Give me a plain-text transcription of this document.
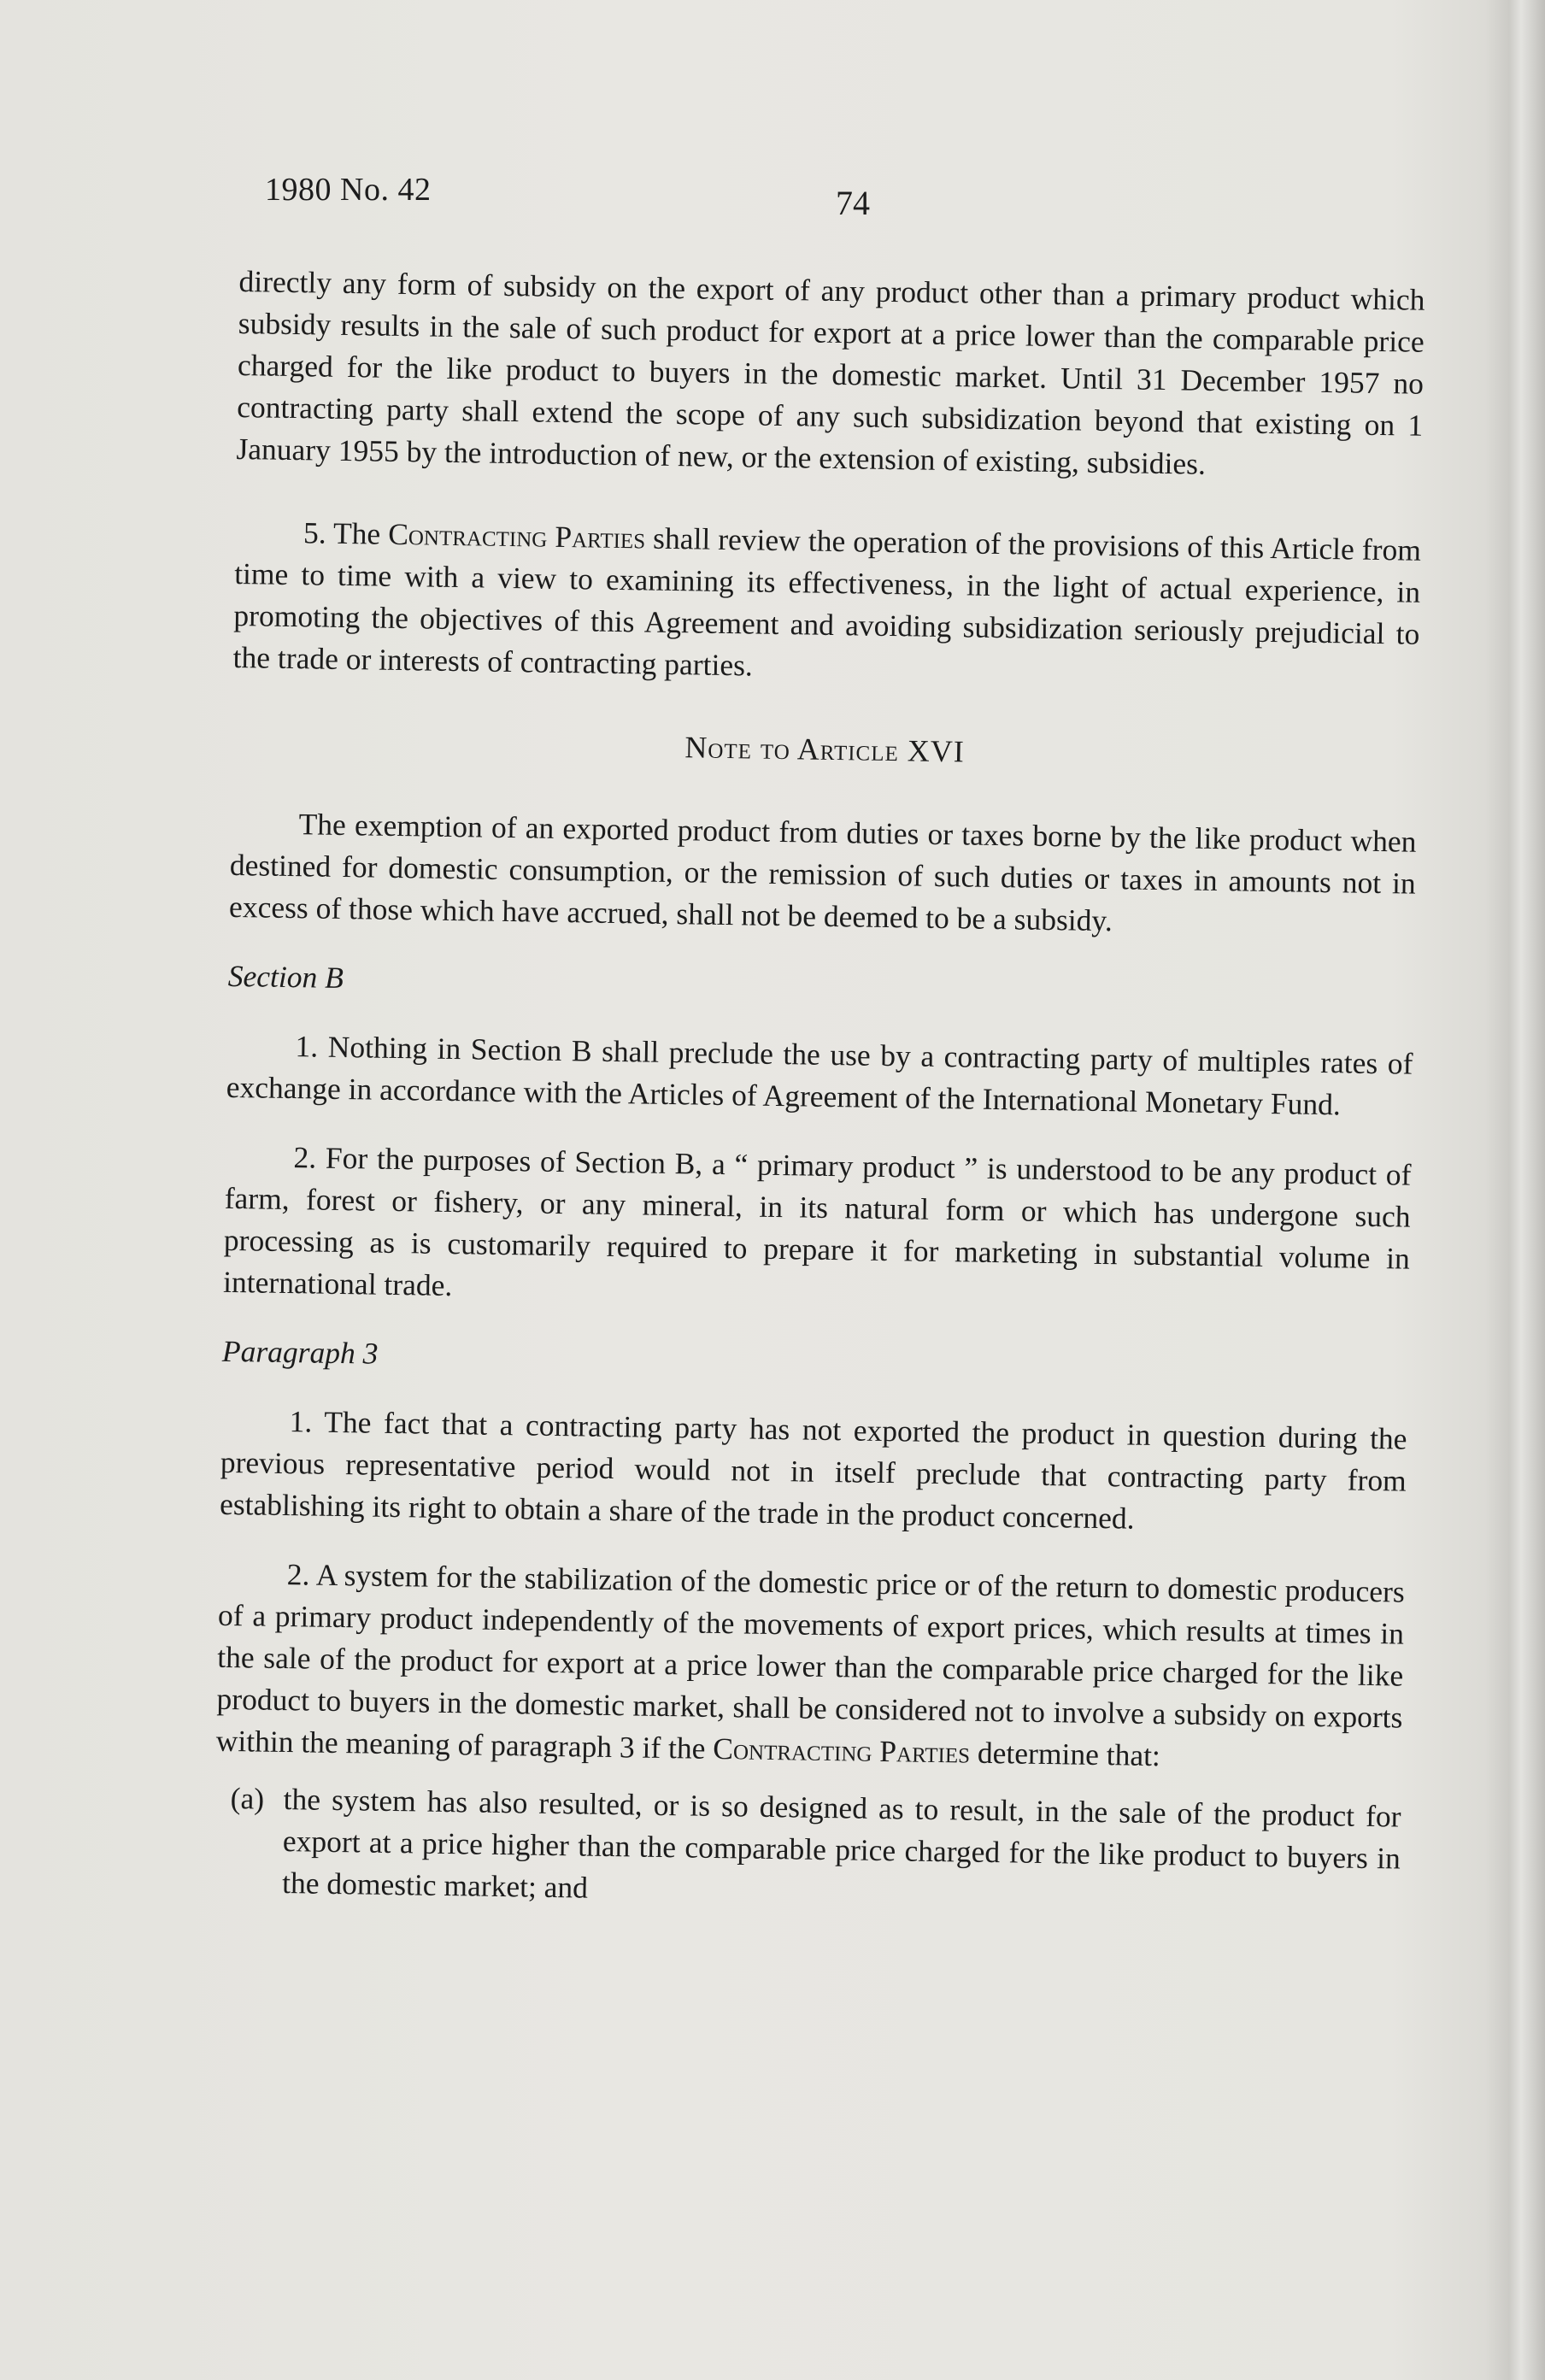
1980 No. 42	74

directly any form of subsidy on the export of any product other than a primary product which subsidy results in the sale of such product for export at a price lower than the comparable price charged for the like product to buyers in the domestic market. Until 31 December 1957 no contracting party shall extend the scope of any such subsidization beyond that existing on 1 January 1955 by the introduction of new, or the extension of existing, subsidies.

5. The Contracting Parties shall review the operation of the provisions of this Article from time to time with a view to examining its effectiveness, in the light of actual experience, in promoting the objectives of this Agreement and avoiding subsidization seriously prejudicial to the trade or interests of contracting parties.

Note to Article XVI

The exemption of an exported product from duties or taxes borne by the like product when destined for domestic consumption, or the remission of such duties or taxes in amounts not in excess of those which have accrued, shall not be deemed to be a subsidy.

Section B

1. Nothing in Section B shall preclude the use by a contracting party of multiples rates of exchange in accordance with the Articles of Agreement of the International Monetary Fund.

2. For the purposes of Section B, a “ primary product ” is understood to be any product of farm, forest or fishery, or any mineral, in its natural form or which has undergone such processing as is customarily required to prepare it for marketing in substantial volume in international trade.

Paragraph 3

1. The fact that a contracting party has not exported the product in question during the previous representative period would not in itself preclude that contracting party from establishing its right to obtain a share of the trade in the product concerned.

2. A system for the stabilization of the domestic price or of the return to domestic producers of a primary product independently of the movements of export prices, which results at times in the sale of the product for export at a price lower than the comparable price charged for the like product to buyers in the domestic market, shall be considered not to involve a subsidy on exports within the meaning of paragraph 3 if the Contracting Parties determine that:

(a) the system has also resulted, or is so designed as to result, in the sale of the product for export at a price higher than the comparable price charged for the like product to buyers in the domestic market; and
